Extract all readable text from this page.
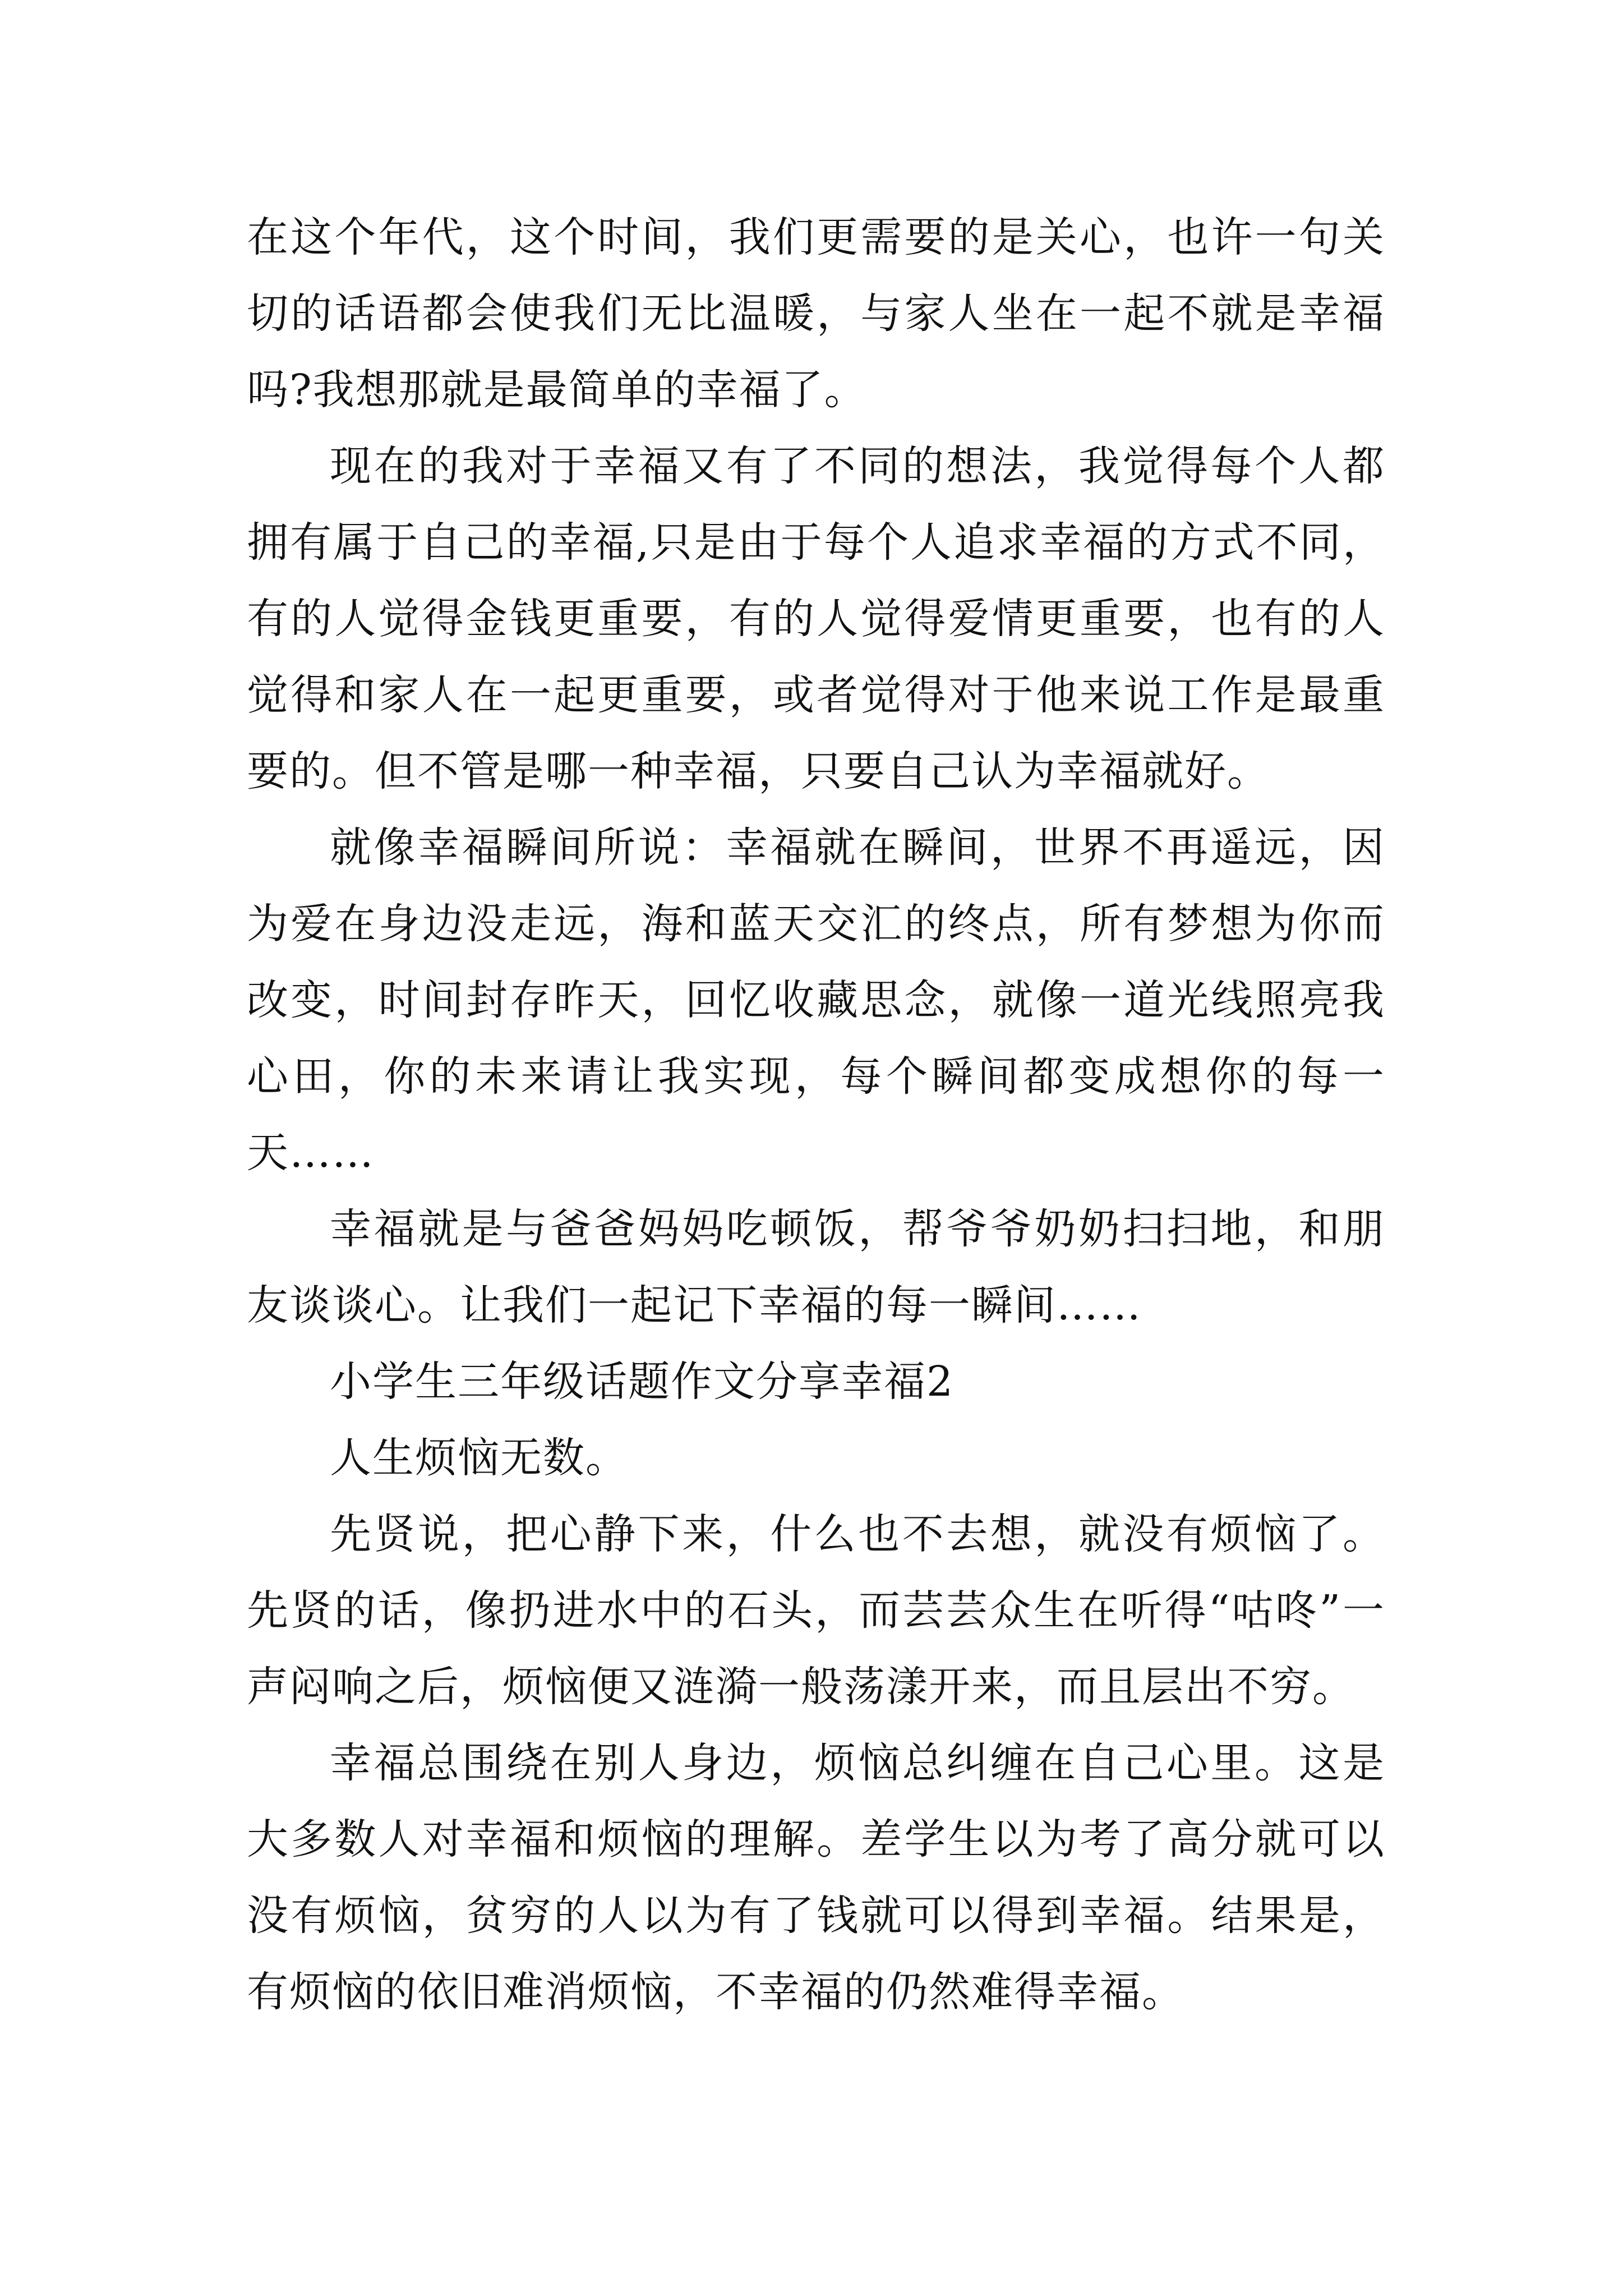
在这个年代，这个时间，我们更需要的是关心，也许一句关切的话语都会使我们无比温暖，与家人坐在一起不就是幸福吗?我想那就是最简单的幸福了。

现在的我对于幸福又有了不同的想法，我觉得每个人都拥有属于自己的幸福,只是由于每个人追求幸福的方式不同，有的人觉得金钱更重要，有的人觉得爱情更重要，也有的人觉得和家人在一起更重要，或者觉得对于他来说工作是最重要的。但不管是哪一种幸福，只要自己认为幸福就好。

就像幸福瞬间所说：幸福就在瞬间，世界不再遥远，因为爱在身边没走远，海和蓝天交汇的终点，所有梦想为你而改变，时间封存昨天，回忆收藏思念，就像一道光线照亮我心田，你的未来请让我实现，每个瞬间都变成想你的每一天……

幸福就是与爸爸妈妈吃顿饭，帮爷爷奶奶扫扫地，和朋友谈谈心。让我们一起记下幸福的每一瞬间……

小学生三年级话题作文分享幸福2

人生烦恼无数。

先贤说，把心静下来，什么也不去想，就没有烦恼了。先贤的话，像扔进水中的石头，而芸芸众生在听得“咕咚”一声闷响之后，烦恼便又涟漪一般荡漾开来，而且层出不穷。

幸福总围绕在别人身边，烦恼总纠缠在自己心里。这是大多数人对幸福和烦恼的理解。差学生以为考了高分就可以没有烦恼，贫穷的人以为有了钱就可以得到幸福。结果是，有烦恼的依旧难消烦恼，不幸福的仍然难得幸福。
